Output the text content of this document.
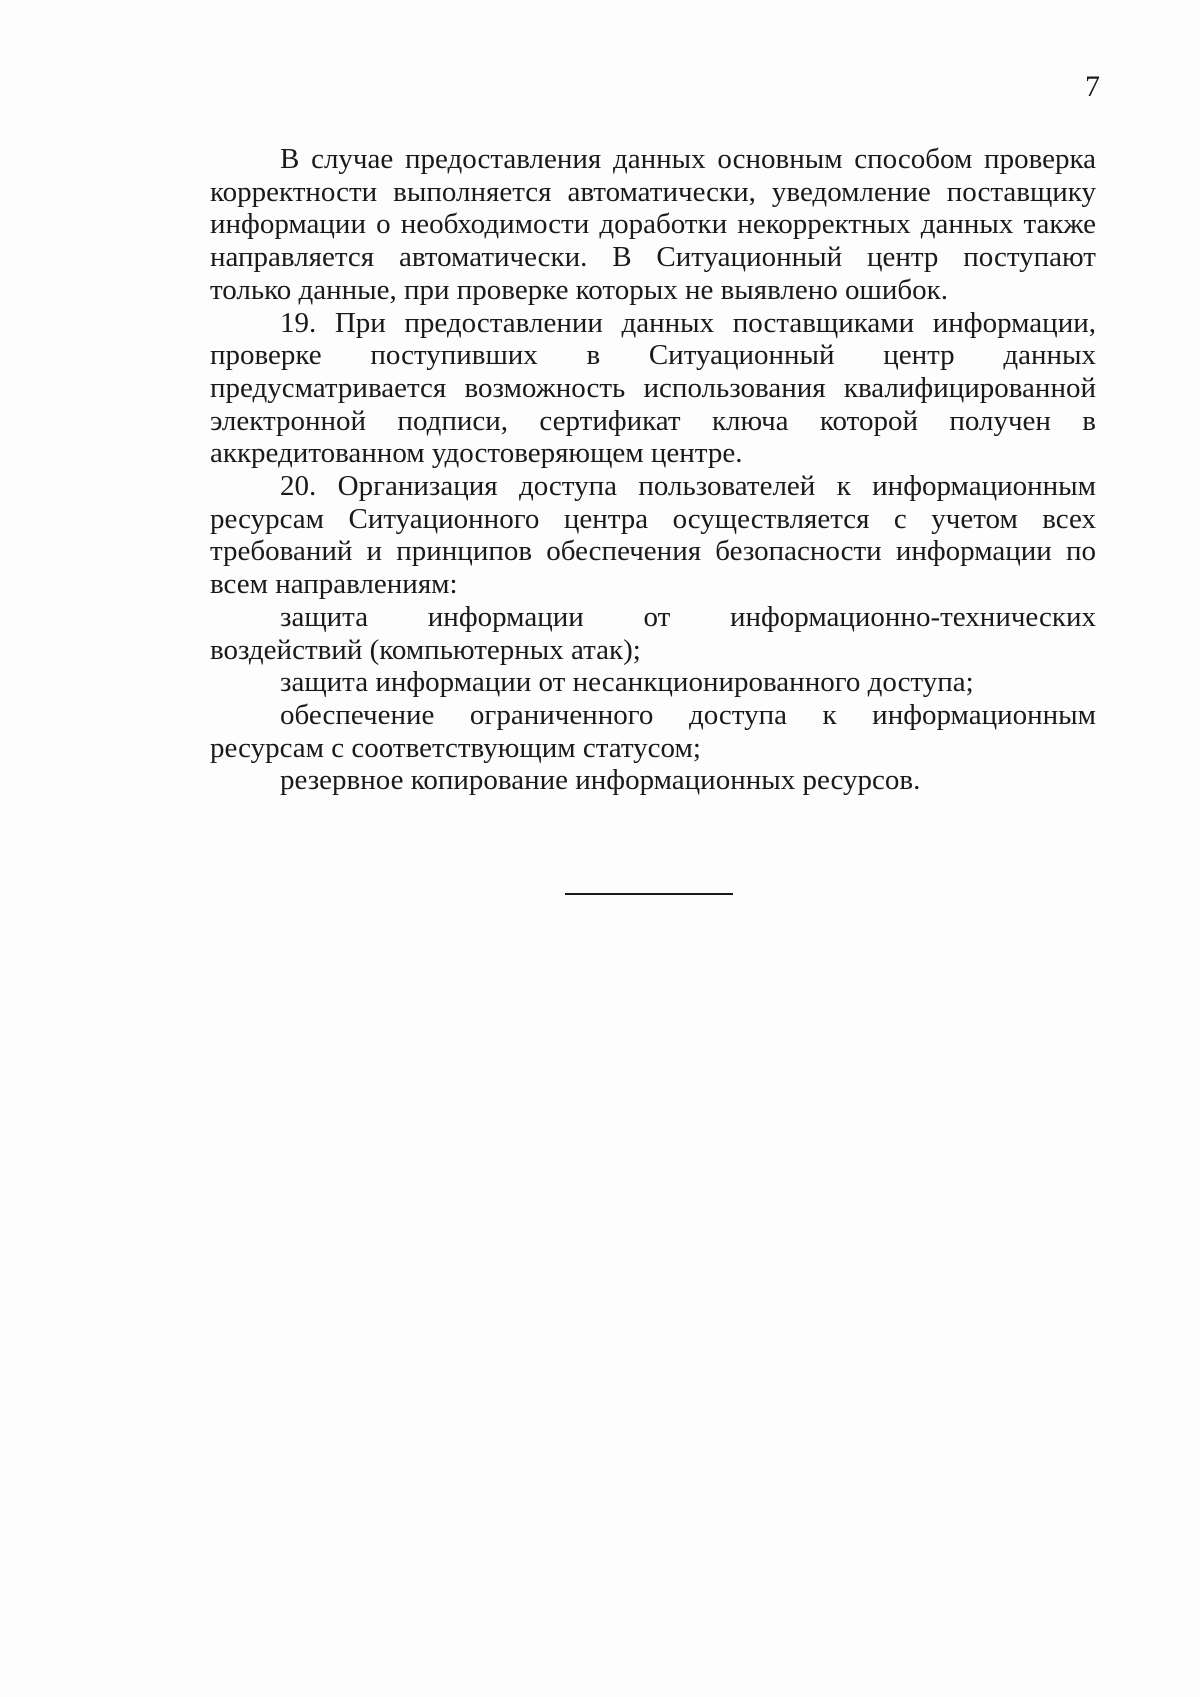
7

В случае предоставления данных основным способом проверка корректности выполняется автоматически, уведомление поставщику информации о необходимости доработки некорректных данных также направляется автоматически. В Ситуационный центр поступают только данные, при проверке которых не выявлено ошибок.

19. При предоставлении данных поставщиками информации, проверке поступивших в Ситуационный центр данных предусматривается возможность использования квалифицированной электронной подписи, сертификат ключа которой получен в аккредитованном удостоверяющем центре.

20. Организация доступа пользователей к информационным ресурсам Ситуационного центра осуществляется с учетом всех требований и принципов обеспечения безопасности информации по всем направлениям:

защита информации от информационно-технических воздействий (компьютерных атак);

защита информации от несанкционированного доступа;

обеспечение ограниченного доступа к информационным ресурсам с соответствующим статусом;

резервное копирование информационных ресурсов.
